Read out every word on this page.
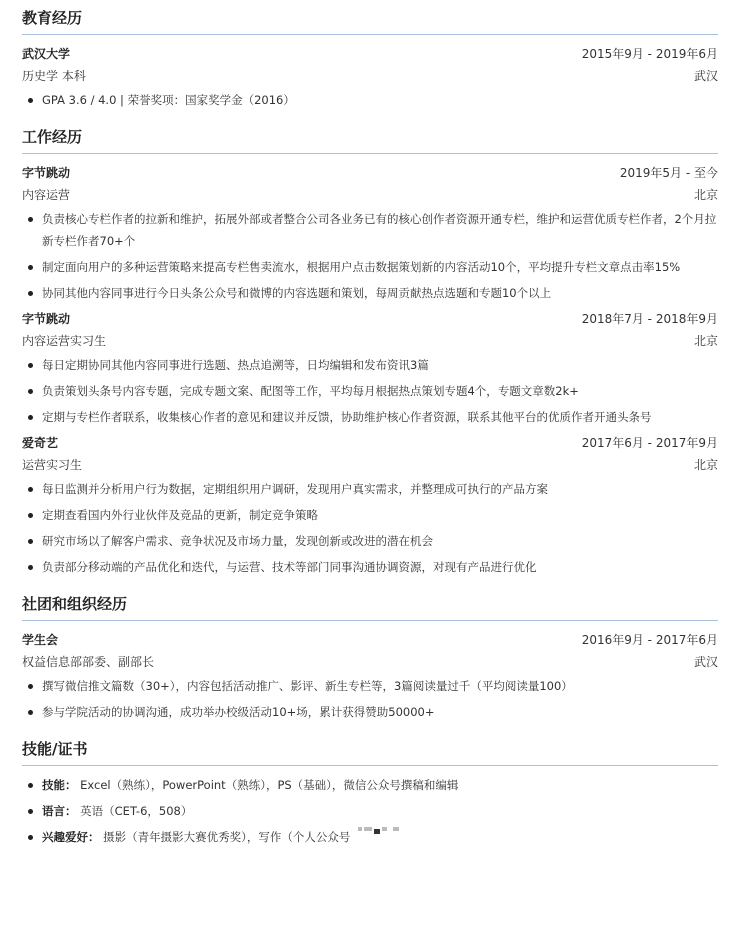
教育经历
武汉大学	2015年9月 - 2019年6月
历史学 本科	武汉
GPA 3.6 / 4.0 | 荣誉奖项：国家奖学金（2016）
工作经历
字节跳动	2019年5月 - 至今
内容运营	北京
负责核心专栏作者的拉新和维护，拓展外部或者整合公司各业务已有的核心创作者资源开通专栏，维护和运营优质专栏作者，2个月拉新专栏作者70+个
制定面向用户的多种运营策略来提高专栏售卖流水，根据用户点击数据策划新的内容活动10个，平均提升专栏文章点击率15%
协同其他内容同事进行今日头条公众号和微博的内容选题和策划，每周贡献热点选题和专题10个以上
字节跳动	2018年7月 - 2018年9月
内容运营实习生	北京
每日定期协同其他内容同事进行选题、热点追溯等，日均编辑和发布资讯3篇
负责策划头条号内容专题，完成专题文案、配图等工作，平均每月根据热点策划专题4个，专题文章数2k+
定期与专栏作者联系，收集核心作者的意见和建议并反馈，协助维护核心作者资源，联系其他平台的优质作者开通头条号
爱奇艺	2017年6月 - 2017年9月
运营实习生	北京
每日监测并分析用户行为数据，定期组织用户调研，发现用户真实需求，并整理成可执行的产品方案
定期查看国内外行业伙伴及竞品的更新，制定竞争策略
研究市场以了解客户需求、竞争状况及市场力量，发现创新或改进的潜在机会
负责部分移动端的产品优化和迭代，与运营、技术等部门同事沟通协调资源，对现有产品进行优化
社团和组织经历
学生会	2016年9月 - 2017年6月
权益信息部部委、副部长	武汉
撰写微信推文篇数（30+），内容包括活动推广、影评、新生专栏等，3篇阅读量过千（平均阅读量100）
参与学院活动的协调沟通，成功举办校级活动10+场，累计获得赞助50000+
技能/证书
技能： Excel（熟练），PowerPoint（熟练），PS（基础），微信公众号撰稿和编辑
语言： 英语（CET-6，508）
兴趣爱好： 摄影（青年摄影大赛优秀奖），写作（个人公众号
